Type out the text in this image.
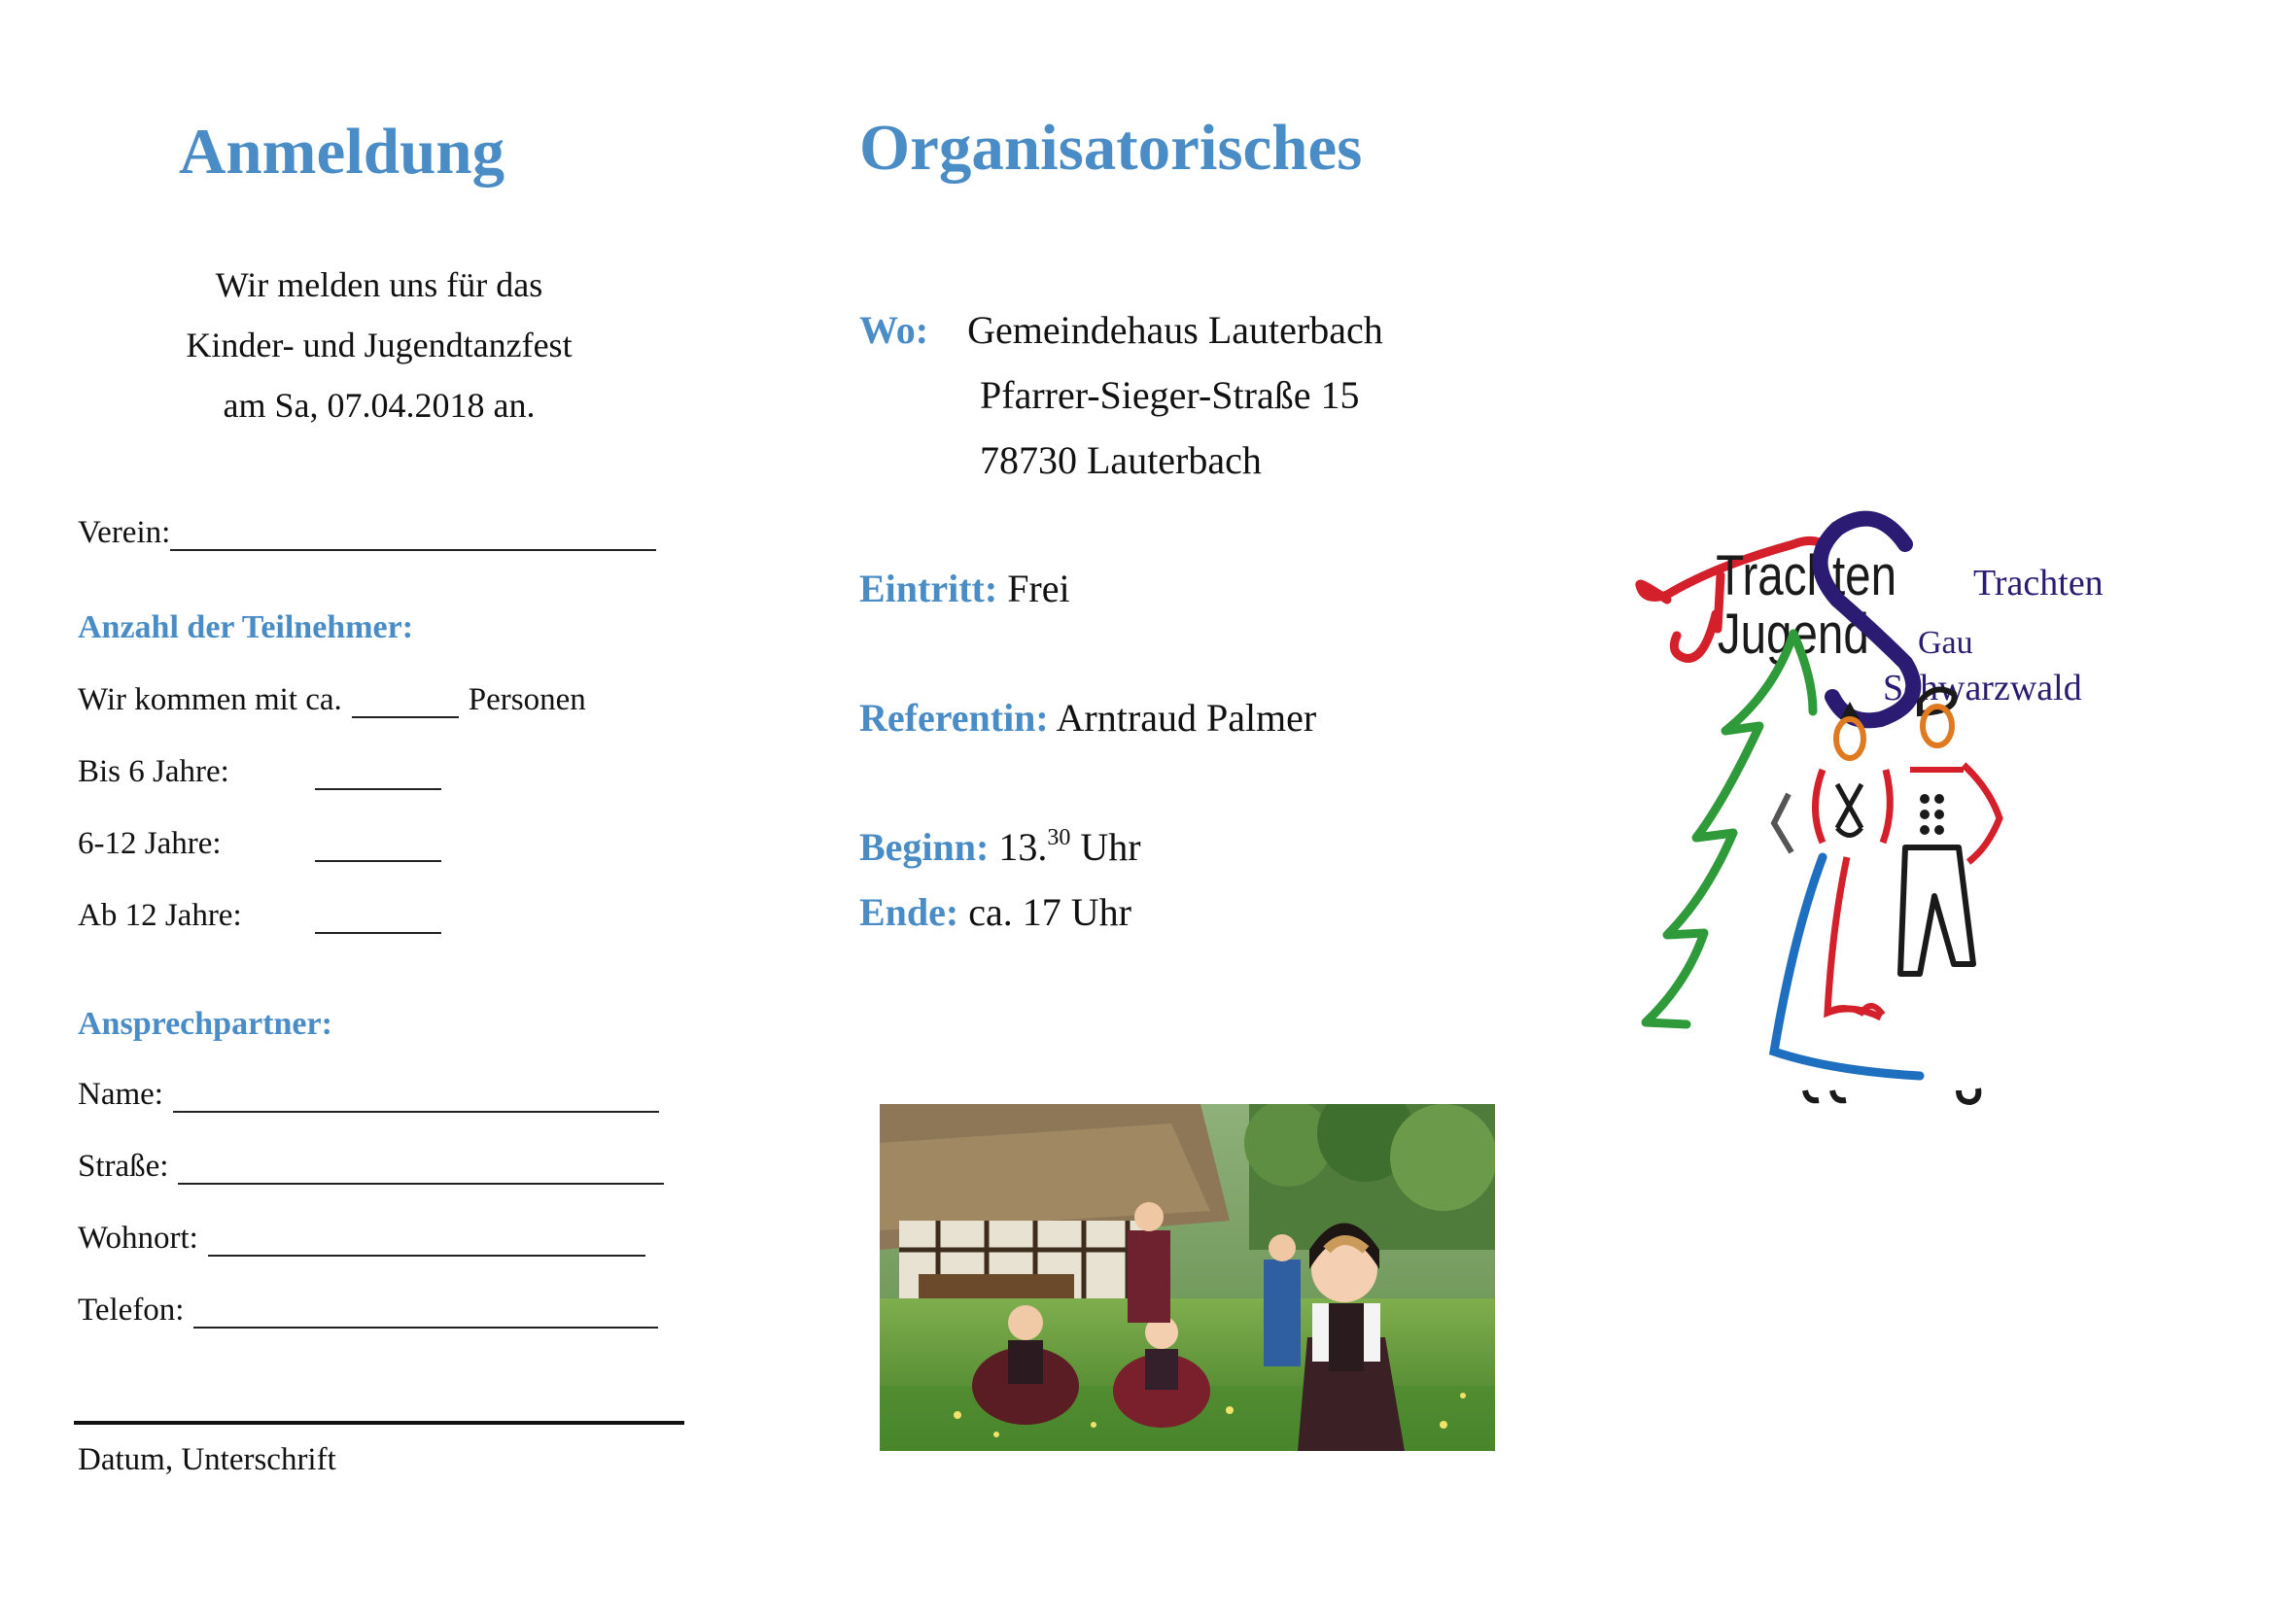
Anmeldung
Wir melden uns für das
Kinder- und Jugendtanzfest
am Sa, 07.04.2018 an.
Verein:
Anzahl der Teilnehmer:
Wir kommen mit ca.	Personen
Bis 6 Jahre:
6-12 Jahre:
Ab 12 Jahre:
Ansprechpartner:
Name:
Straße:
Wohnort:
Telefon:
Datum, Unterschrift
Organisatorisches
Wo: Gemeindehaus Lauterbach
Pfarrer-Sieger-Straße 15
78730 Lauterbach
Eintritt: Frei
Referentin: Arntraud Palmer
Beginn: 13.30 Uhr
Ende: ca. 17 Uhr
Trachten
Jugend
Trachten
Gau
Schwarzwald
